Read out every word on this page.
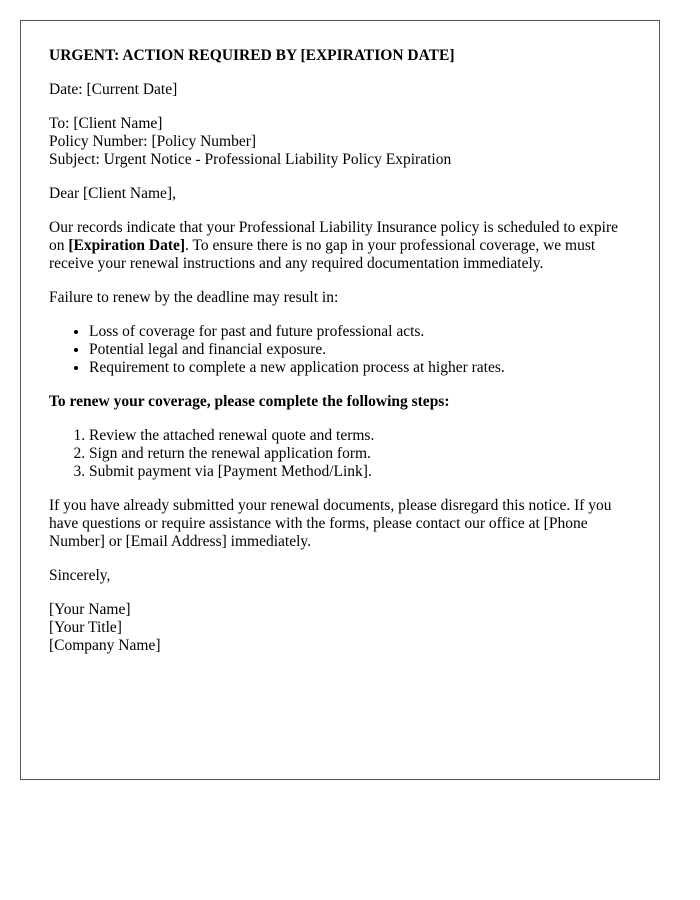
URGENT: ACTION REQUIRED BY [EXPIRATION DATE]

Date: [Current Date]

To: [Client Name]
Policy Number: [Policy Number]
Subject: Urgent Notice - Professional Liability Policy Expiration

Dear [Client Name],

Our records indicate that your Professional Liability Insurance policy is scheduled to expire on [Expiration Date]. To ensure there is no gap in your professional coverage, we must receive your renewal instructions and any required documentation immediately.

Failure to renew by the deadline may result in:

• Loss of coverage for past and future professional acts.
• Potential legal and financial exposure.
• Requirement to complete a new application process at higher rates.

To renew your coverage, please complete the following steps:

1. Review the attached renewal quote and terms.
2. Sign and return the renewal application form.
3. Submit payment via [Payment Method/Link].

If you have already submitted your renewal documents, please disregard this notice. If you have questions or require assistance with the forms, please contact our office at [Phone Number] or [Email Address] immediately.

Sincerely,

[Your Name]
[Your Title]
[Company Name]
